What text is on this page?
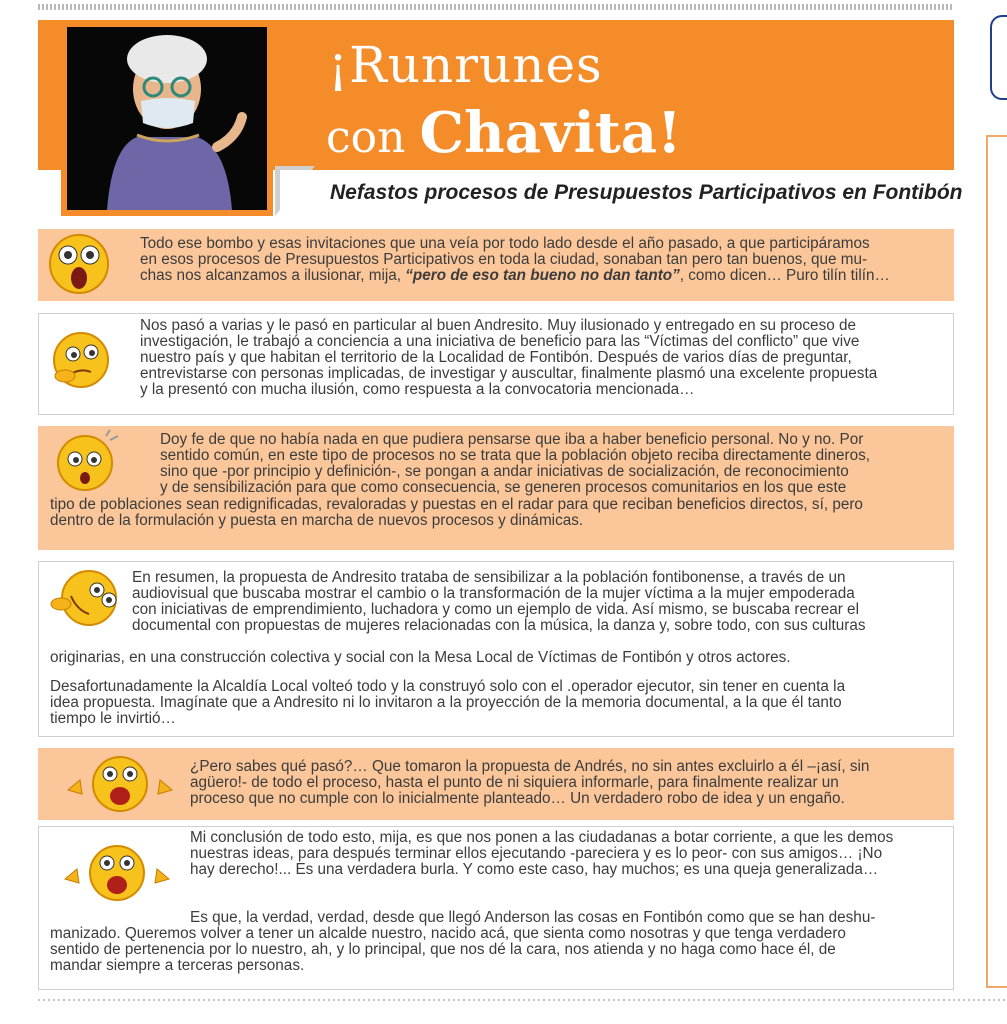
¡Runrunes
con Chavita!
Nefastos procesos de Presupuestos Participativos en Fontibón
Todo ese bombo y esas invitaciones que una veía por todo lado desde el año pasado, a que participáramos
en esos procesos de Presupuestos Participativos en toda la ciudad, sonaban tan pero tan buenos, que mu-
chas nos alcanzamos a ilusionar, mija, “pero de eso tan bueno no dan tanto”, como dicen… Puro tilín tilín…
Nos pasó a varias y le pasó en particular al buen Andresito. Muy ilusionado y entregado en su proceso de
investigación, le trabajó a conciencia a una iniciativa de beneficio para las “Víctimas del conflicto” que vive
nuestro país y que habitan el territorio de la Localidad de Fontibón. Después de varios días de preguntar,
entrevistarse con personas implicadas, de investigar y auscultar, finalmente plasmó una excelente propuesta
y la presentó con mucha ilusión, como respuesta a la convocatoria mencionada…
Doy fe de que no había nada en que pudiera pensarse que iba a haber beneficio personal. No y no. Por
sentido común, en este tipo de procesos no se trata que la población objeto reciba directamente dineros,
sino que -por principio y definición-, se pongan a andar iniciativas de socialización, de reconocimiento
y de sensibilización para que como consecuencia, se generen procesos comunitarios en los que este
tipo de poblaciones sean redignificadas, revaloradas y puestas en el radar para que reciban beneficios directos, sí, pero
dentro de la formulación y puesta en marcha de nuevos procesos y dinámicas.
En resumen, la propuesta de Andresito trataba de sensibilizar a la población fontibonense, a través de un
audiovisual que buscaba mostrar el cambio o la transformación de la mujer víctima a la mujer empoderada
con iniciativas de emprendimiento, luchadora y como un ejemplo de vida. Así mismo, se buscaba recrear el
documental con propuestas de mujeres relacionadas con la música, la danza y, sobre todo, con sus culturas
originarias, en una construcción colectiva y social con la Mesa Local de Víctimas de Fontibón y otros actores.
Desafortunadamente la Alcaldía Local volteó todo y la construyó solo con el .operador ejecutor, sin tener en cuenta la
idea propuesta. Imagínate que a Andresito ni lo invitaron a la proyección de la memoria documental, a la que él tanto
tiempo le invirtió…
¿Pero sabes qué pasó?… Que tomaron la propuesta de Andrés, no sin antes excluirlo a él –¡así, sin
agüero!- de todo el proceso, hasta el punto de ni siquiera informarle, para finalmente realizar un
proceso que no cumple con lo inicialmente planteado… Un verdadero robo de idea y un engaño.
Mi conclusión de todo esto, mija, es que nos ponen a las ciudadanas a botar corriente, a que les demos
nuestras ideas, para después terminar ellos ejecutando -pareciera y es lo peor- con sus amigos… ¡No
hay derecho!... Es una verdadera burla. Y como este caso, hay muchos; es una queja generalizada…
Es que, la verdad, verdad, desde que llegó Anderson las cosas en Fontibón como que se han deshu-
manizado. Queremos volver a tener un alcalde nuestro, nacido acá, que sienta como nosotras y que tenga verdadero
sentido de pertenencia por lo nuestro, ah, y lo principal, que nos dé la cara, nos atienda y no haga como hace él, de
mandar siempre a terceras personas.
